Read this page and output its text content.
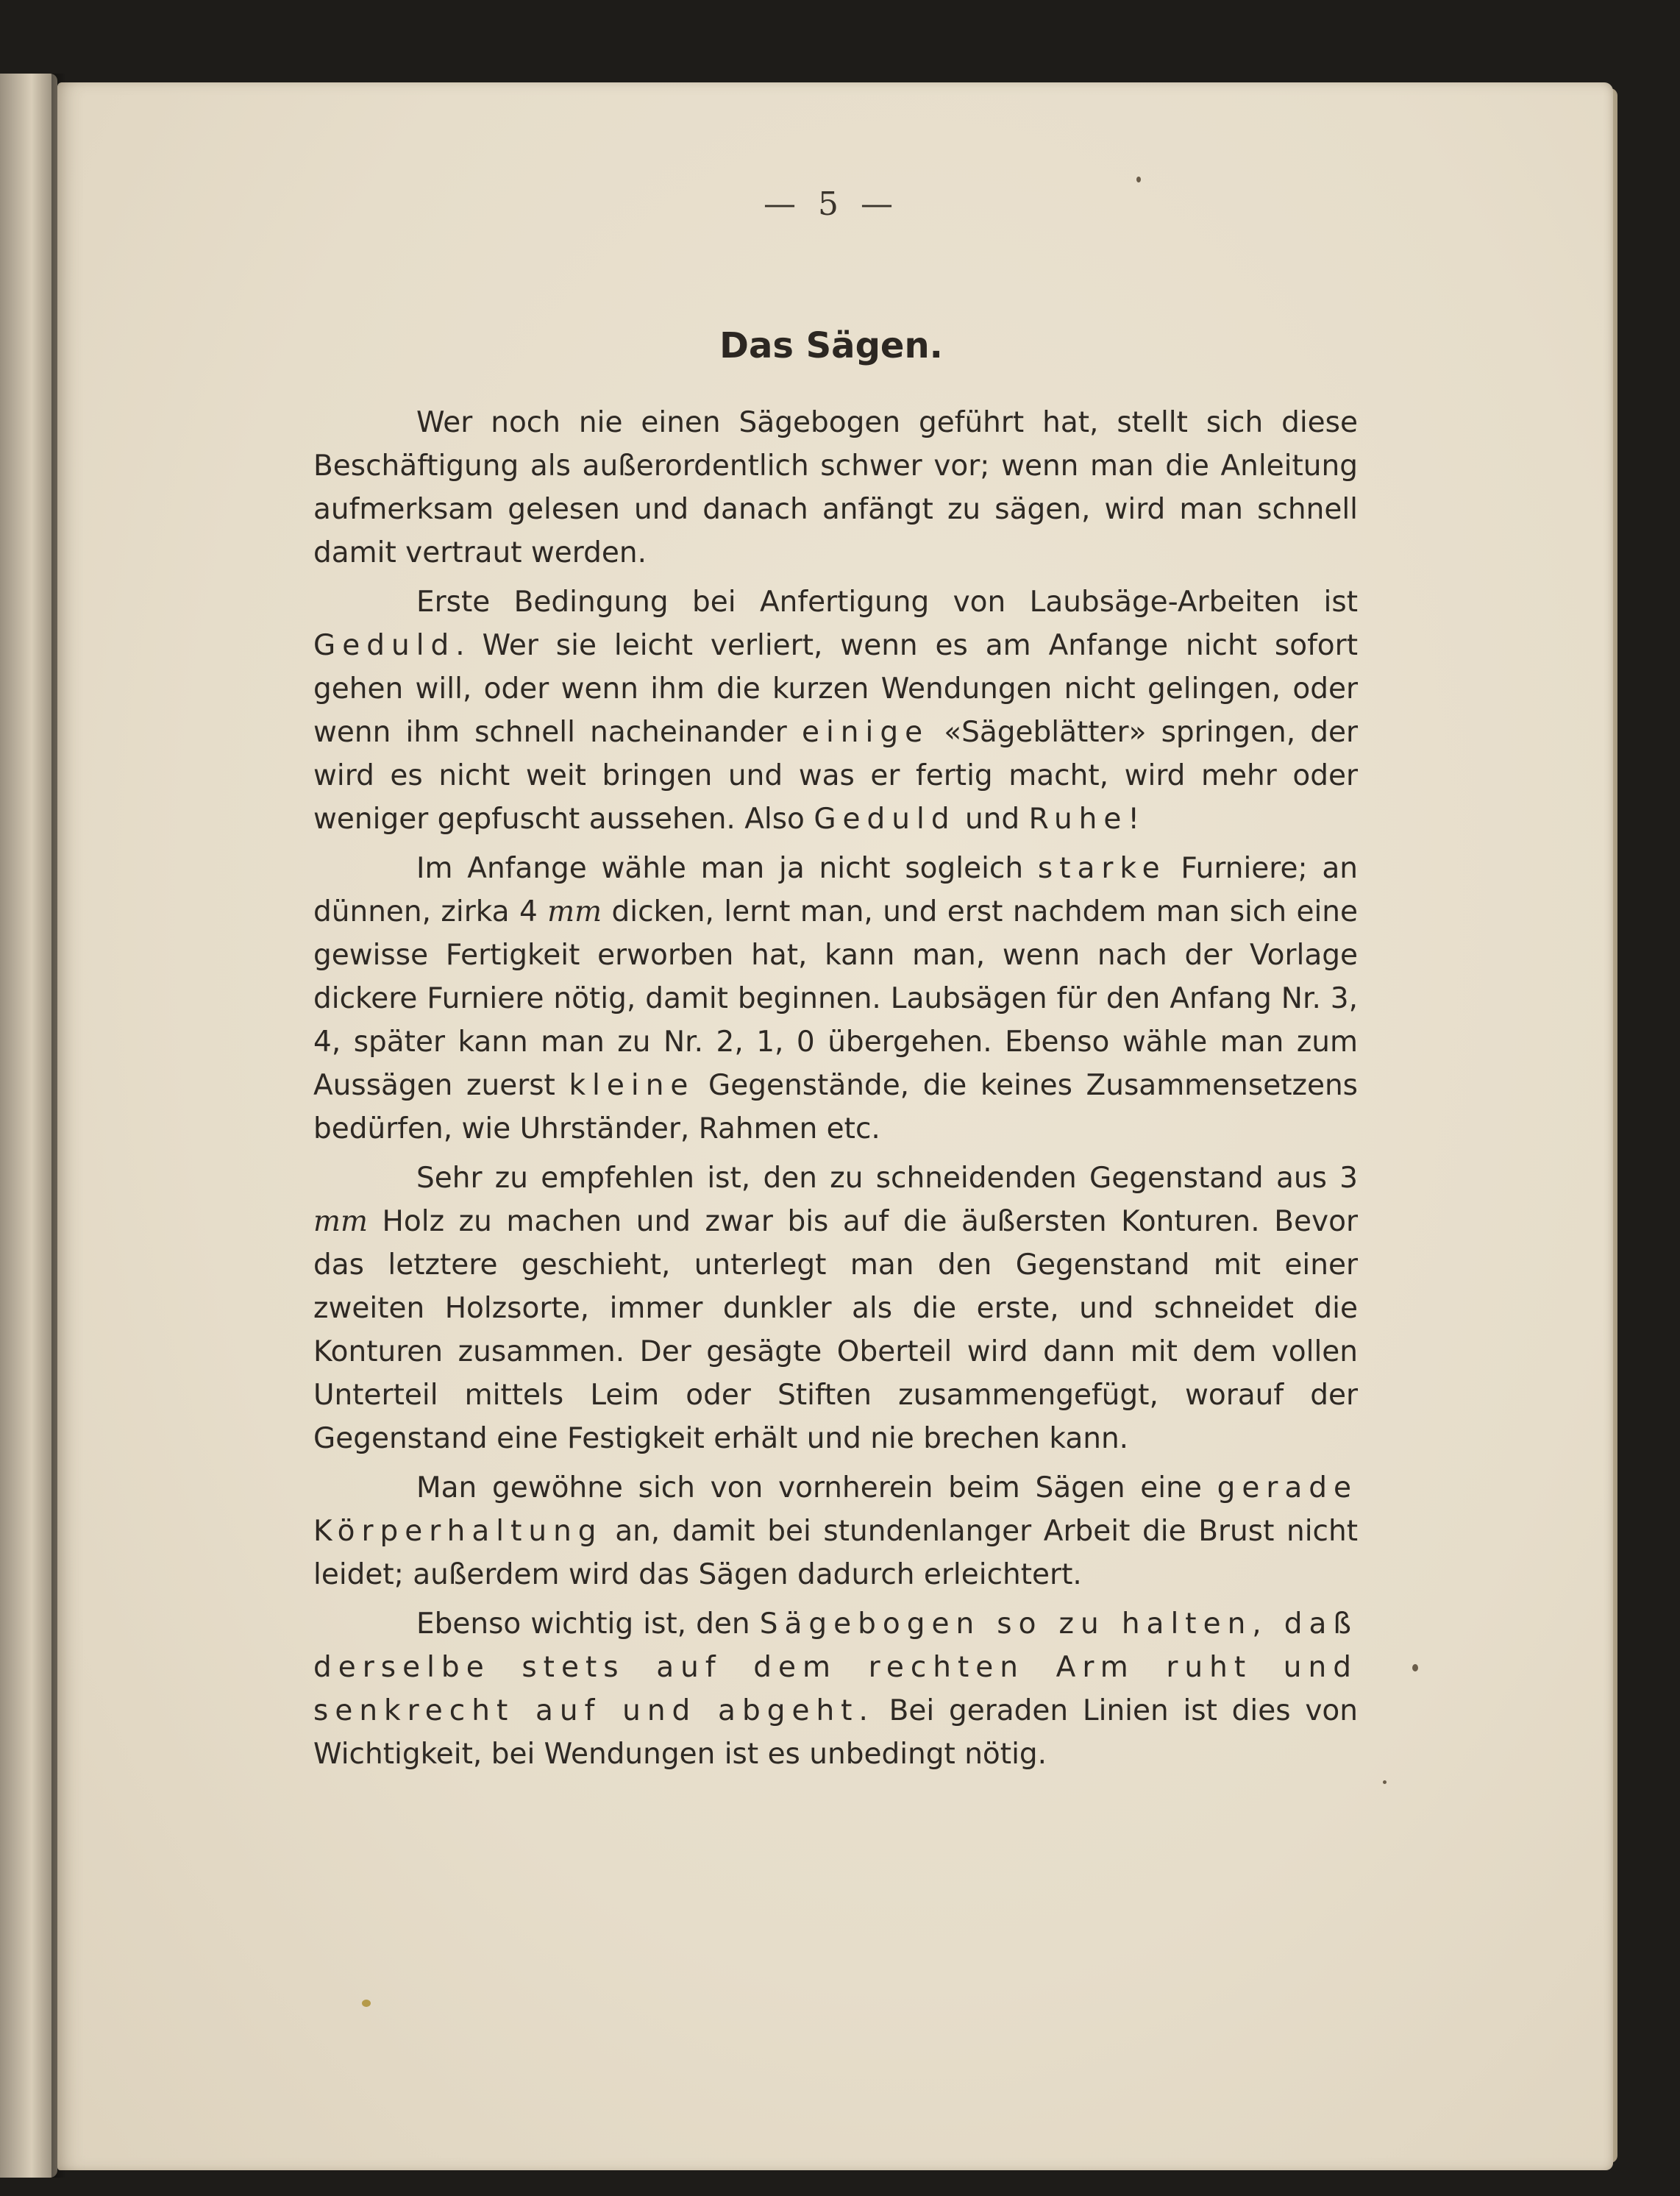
— 5 —
Das Sägen.

Wer noch nie einen Sägebogen geführt hat, stellt sich diese Beschäftigung als außerordentlich schwer vor; wenn man die Anleitung aufmerksam gelesen und danach anfängt zu sägen, wird man schnell damit vertraut werden.

Erste Bedingung bei Anfertigung von Laubsäge-Arbeiten ist Geduld. Wer sie leicht verliert, wenn es am Anfange nicht sofort gehen will, oder wenn ihm die kurzen Wendungen nicht gelingen, oder wenn ihm schnell nacheinander einige «Sägeblätter» springen, der wird es nicht weit bringen und was er fertig macht, wird mehr oder weniger gepfuscht aussehen. Also Geduld und Ruhe!

Im Anfange wähle man ja nicht sogleich starke Furniere; an dünnen, zirka 4 mm dicken, lernt man, und erst nachdem man sich eine gewisse Fertigkeit erworben hat, kann man, wenn nach der Vorlage dickere Furniere nötig, damit beginnen. Laubsägen für den Anfang Nr. 3, 4, später kann man zu Nr. 2, 1, 0 übergehen. Ebenso wähle man zum Aussägen zuerst kleine Gegenstände, die keines Zusammensetzens bedürfen, wie Uhrständer, Rahmen etc.

Sehr zu empfehlen ist, den zu schneidenden Gegenstand aus 3 mm Holz zu machen und zwar bis auf die äußersten Konturen. Bevor das letztere geschieht, unterlegt man den Gegenstand mit einer zweiten Holzsorte, immer dunkler als die erste, und schneidet die Konturen zusammen. Der gesägte Oberteil wird dann mit dem vollen Unterteil mittels Leim oder Stiften zusammengefügt, worauf der Gegenstand eine Festigkeit erhält und nie brechen kann.

Man gewöhne sich von vornherein beim Sägen eine gerade Körperhaltung an, damit bei stundenlanger Arbeit die Brust nicht leidet; außerdem wird das Sägen dadurch erleichtert.

Ebenso wichtig ist, den Sägebogen so zu halten, daß derselbe stets auf dem rechten Arm ruht und senkrecht auf und abgeht. Bei geraden Linien ist dies von Wichtigkeit, bei Wendungen ist es unbedingt nötig.
